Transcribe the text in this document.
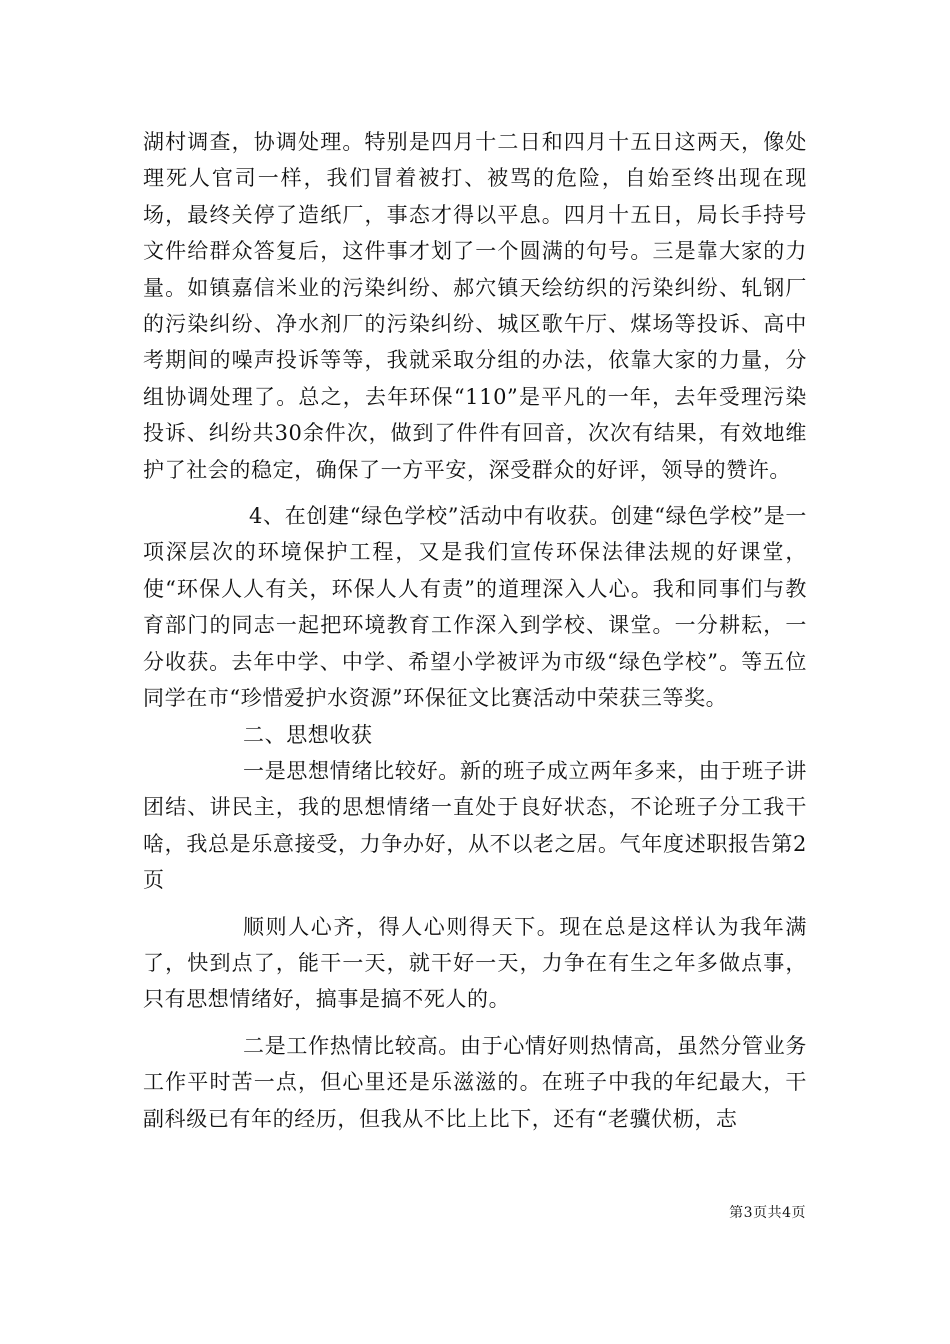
湖村调查，协调处理。特别是四月十二日和四月十五日这两天，像处理死人官司一样，我们冒着被打、被骂的危险，自始至终出现在现场，最终关停了造纸厂，事态才得以平息。四月十五日，局长手持号文件给群众答复后，这件事才划了一个圆满的句号。三是靠大家的力量。如镇嘉信米业的污染纠纷、郝穴镇天绘纺织的污染纠纷、轧钢厂的污染纠纷、净水剂厂的污染纠纷、城区歌午厅、煤场等投诉、高中考期间的噪声投诉等等，我就采取分组的办法，依靠大家的力量，分组协调处理了。总之，去年环保“110”是平凡的一年，去年受理污染投诉、纠纷共30余件次，做到了件件有回音，次次有结果，有效地维护了社会的稳定，确保了一方平安，深受群众的好评，领导的赞许。

4、在创建“绿色学校”活动中有收获。创建“绿色学校”是一项深层次的环境保护工程，又是我们宣传环保法律法规的好课堂，使“环保人人有关，环保人人有责”的道理深入人心。我和同事们与教育部门的同志一起把环境教育工作深入到学校、课堂。一分耕耘，一分收获。去年中学、中学、希望小学被评为市级“绿色学校”。等五位同学在市“珍惜爱护水资源”环保征文比赛活动中荣获三等奖。

二、思想收获

一是思想情绪比较好。新的班子成立两年多来，由于班子讲团结、讲民主，我的思想情绪一直处于良好状态，不论班子分工我干啥，我总是乐意接受，力争办好，从不以老之居。气年度述职报告第2页

顺则人心齐，得人心则得天下。现在总是这样认为我年满了，快到点了，能干一天，就干好一天，力争在有生之年多做点事，只有思想情绪好，搞事是搞不死人的。

二是工作热情比较高。由于心情好则热情高，虽然分管业务工作平时苦一点，但心里还是乐滋滋的。在班子中我的年纪最大，干副科级已有年的经历，但我从不比上比下，还有“老骥伏枥，志

第3页共4页
